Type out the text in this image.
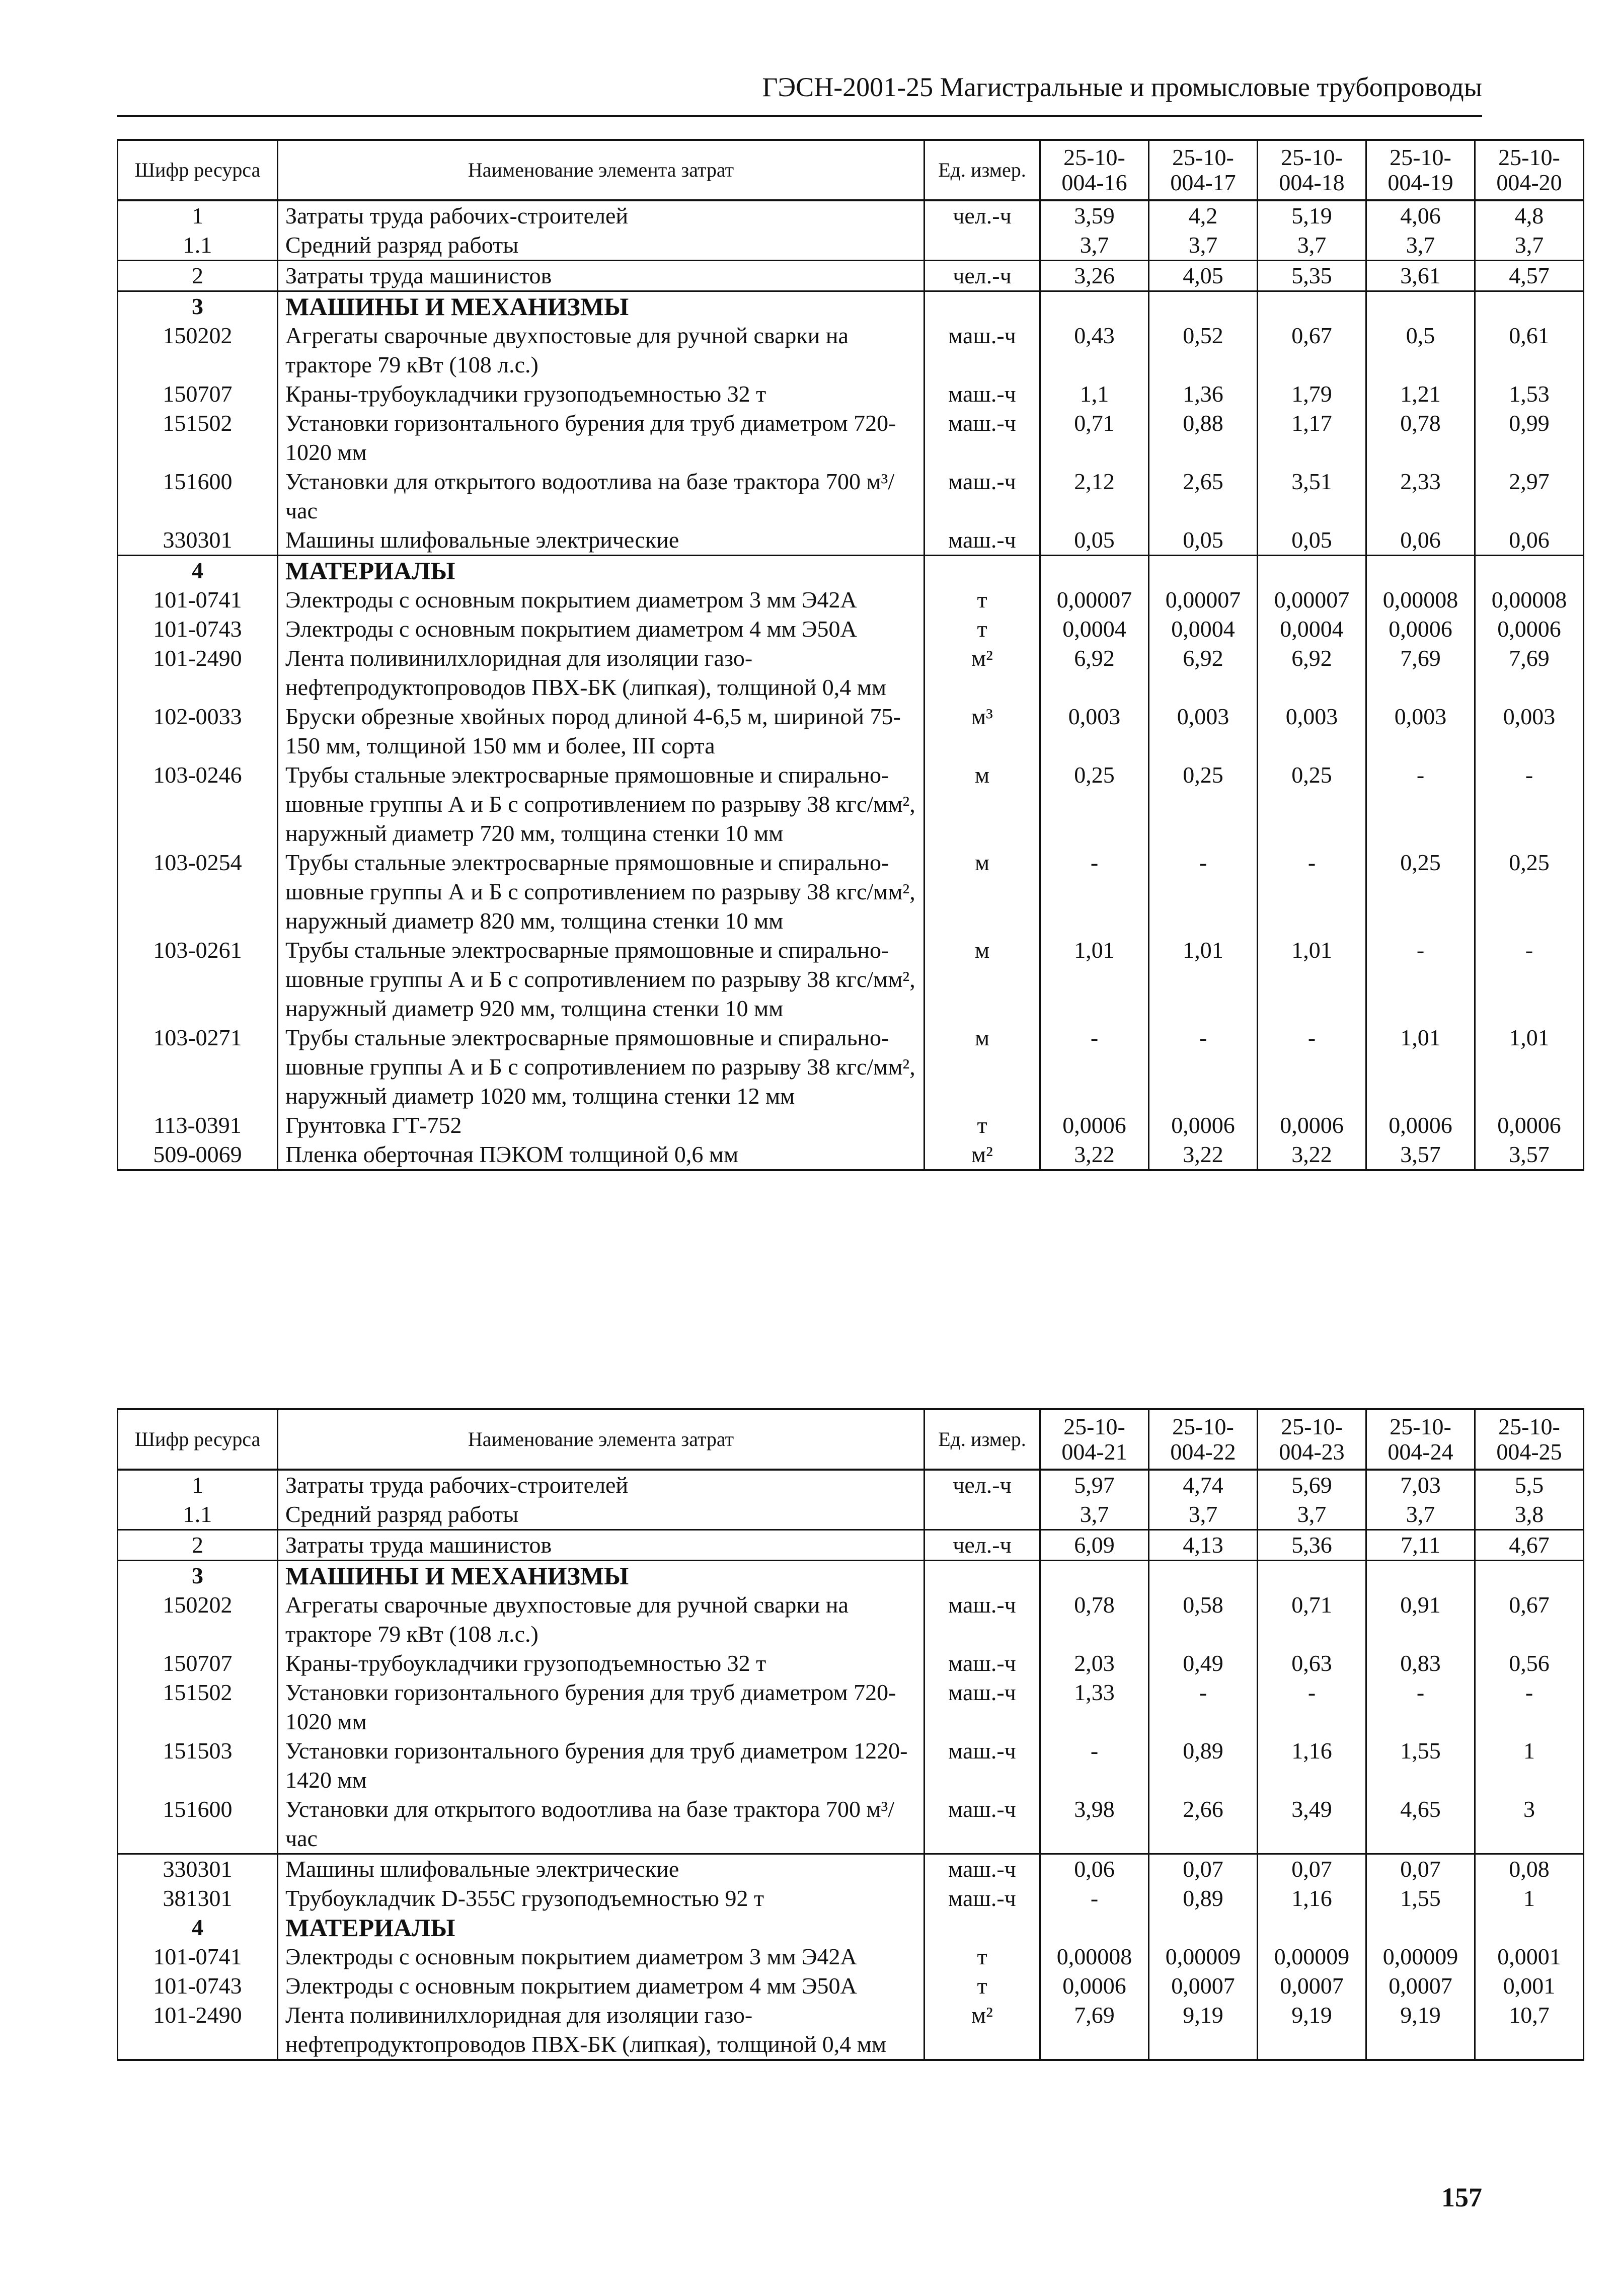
ГЭСН-2001-25 Магистральные и промысловые трубопроводы
Шифр ресурса	Наименование элемента затрат	Ед. измер.	25-10-004-16	25-10-004-17	25-10-004-18	25-10-004-19	25-10-004-20
1	Затраты труда рабочих-строителей	чел.-ч	3,59	4,2	5,19	4,06	4,8
1.1	Средний разряд работы		3,7	3,7	3,7	3,7	3,7
2	Затраты труда машинистов	чел.-ч	3,26	4,05	5,35	3,61	4,57
3	МАШИНЫ И МЕХАНИЗМЫ						
150202	Агрегаты сварочные двухпостовые для ручной сварки на тракторе 79 кВт (108 л.с.)	маш.-ч	0,43	0,52	0,67	0,5	0,61
150707	Краны-трубоукладчики грузоподъемностью 32 т	маш.-ч	1,1	1,36	1,79	1,21	1,53
151502	Установки горизонтального бурения для труб диаметром 720-1020 мм	маш.-ч	0,71	0,88	1,17	0,78	0,99
151600	Установки для открытого водоотлива на базе трактора 700 м³/час	маш.-ч	2,12	2,65	3,51	2,33	2,97
330301	Машины шлифовальные электрические	маш.-ч	0,05	0,05	0,05	0,06	0,06
4	МАТЕРИАЛЫ						
101-0741	Электроды с основным покрытием диаметром 3 мм Э42А	т	0,00007	0,00007	0,00007	0,00008	0,00008
101-0743	Электроды с основным покрытием диаметром 4 мм Э50А	т	0,0004	0,0004	0,0004	0,0006	0,0006
101-2490	Лента поливинилхлоридная для изоляции газо-нефтепродуктопроводов ПВХ-БК (липкая), толщиной 0,4 мм	м²	6,92	6,92	6,92	7,69	7,69
102-0033	Бруски обрезные хвойных пород длиной 4-6,5 м, шириной 75-150 мм, толщиной 150 мм и более, III сорта	м³	0,003	0,003	0,003	0,003	0,003
103-0246	Трубы стальные электросварные прямошовные и спирально-шовные группы А и Б с сопротивлением по разрыву 38 кгс/мм², наружный диаметр 720 мм, толщина стенки 10 мм	м	0,25	0,25	0,25	-	-
103-0254	Трубы стальные электросварные прямошовные и спирально-шовные группы А и Б с сопротивлением по разрыву 38 кгс/мм², наружный диаметр 820 мм, толщина стенки 10 мм	м	-	-	-	0,25	0,25
103-0261	Трубы стальные электросварные прямошовные и спирально-шовные группы А и Б с сопротивлением по разрыву 38 кгс/мм², наружный диаметр 920 мм, толщина стенки 10 мм	м	1,01	1,01	1,01	-	-
103-0271	Трубы стальные электросварные прямошовные и спирально-шовные группы А и Б с сопротивлением по разрыву 38 кгс/мм², наружный диаметр 1020 мм, толщина стенки 12 мм	м	-	-	-	1,01	1,01
113-0391	Грунтовка ГТ-752	т	0,0006	0,0006	0,0006	0,0006	0,0006
509-0069	Пленка оберточная ПЭКОМ толщиной 0,6 мм	м²	3,22	3,22	3,22	3,57	3,57
Шифр ресурса	Наименование элемента затрат	Ед. измер.	25-10-004-21	25-10-004-22	25-10-004-23	25-10-004-24	25-10-004-25
1	Затраты труда рабочих-строителей	чел.-ч	5,97	4,74	5,69	7,03	5,5
1.1	Средний разряд работы		3,7	3,7	3,7	3,7	3,8
2	Затраты труда машинистов	чел.-ч	6,09	4,13	5,36	7,11	4,67
3	МАШИНЫ И МЕХАНИЗМЫ						
150202	Агрегаты сварочные двухпостовые для ручной сварки на тракторе 79 кВт (108 л.с.)	маш.-ч	0,78	0,58	0,71	0,91	0,67
150707	Краны-трубоукладчики грузоподъемностью 32 т	маш.-ч	2,03	0,49	0,63	0,83	0,56
151502	Установки горизонтального бурения для труб диаметром 720-1020 мм	маш.-ч	1,33	-	-	-	-
151503	Установки горизонтального бурения для труб диаметром 1220-1420 мм	маш.-ч	-	0,89	1,16	1,55	1
151600	Установки для открытого водоотлива на базе трактора 700 м³/час	маш.-ч	3,98	2,66	3,49	4,65	3
330301	Машины шлифовальные электрические	маш.-ч	0,06	0,07	0,07	0,07	0,08
381301	Трубоукладчик D-355С грузоподъемностью 92 т	маш.-ч	-	0,89	1,16	1,55	1
4	МАТЕРИАЛЫ						
101-0741	Электроды с основным покрытием диаметром 3 мм Э42А	т	0,00008	0,00009	0,00009	0,00009	0,0001
101-0743	Электроды с основным покрытием диаметром 4 мм Э50А	т	0,0006	0,0007	0,0007	0,0007	0,001
101-2490	Лента поливинилхлоридная для изоляции газо-нефтепродуктопроводов ПВХ-БК (липкая), толщиной 0,4 мм	м²	7,69	9,19	9,19	9,19	10,7
157
